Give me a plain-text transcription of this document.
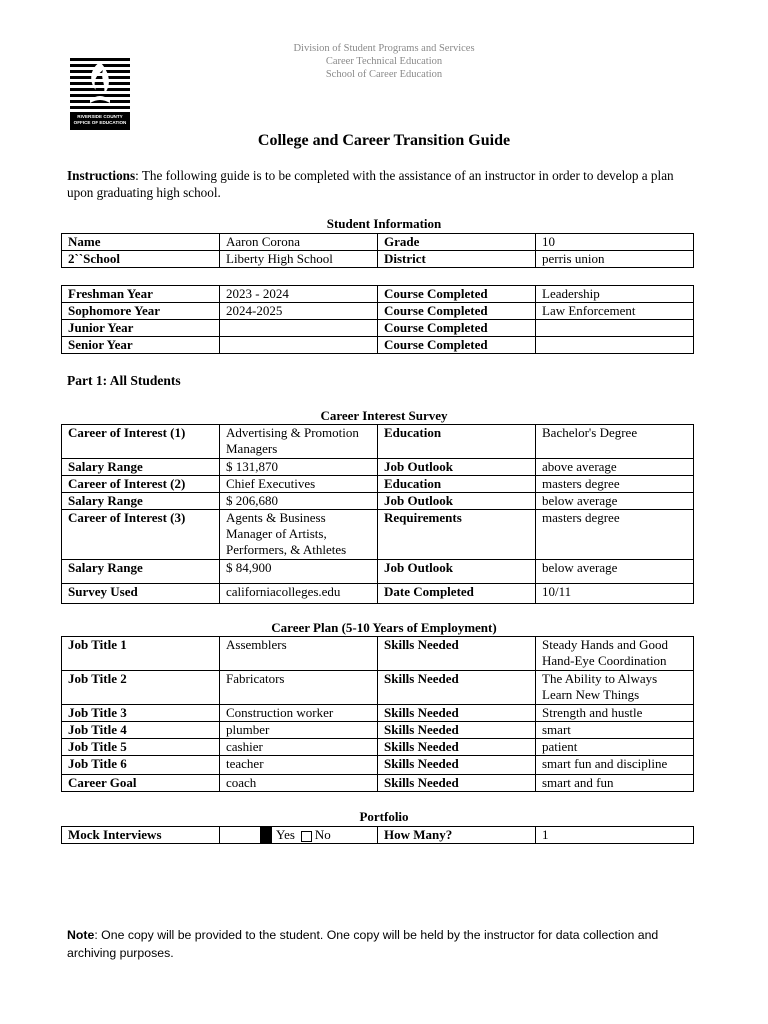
RIVERSIDE COUNTY
OFFICE OF EDUCATION
Division of Student Programs and Services
Career Technical Education
School of Career Education
College and Career Transition Guide
Instructions: The following guide is to be completed with the assistance of an instructor in order to develop a plan upon graduating high school.
Student Information
Name	Aaron Corona	Grade	10
2``School	Liberty High School	District	perris union
Freshman Year	2023 - 2024	Course Completed	Leadership
Sophomore Year	2024-2025	Course Completed	Law Enforcement
Junior Year		Course Completed	
Senior Year		Course Completed	
Part 1: All Students
Career Interest Survey
Career of Interest (1)	Advertising & Promotion Managers	Education	Bachelor's Degree
Salary Range	$ 131,870	Job Outlook	above average
Career of Interest (2)	Chief Executives	Education	masters degree
Salary Range	$ 206,680	Job Outlook	below average
Career of Interest (3)	Agents & Business Manager of Artists, Performers, & Athletes	Requirements	masters degree
Salary Range	$ 84,900	Job Outlook	below average
Survey Used	californiacolleges.edu	Date Completed	10/11
Career Plan (5-10 Years of Employment)
Job Title 1	Assemblers	Skills Needed	Steady Hands and Good Hand-Eye Coordination
Job Title 2	Fabricators	Skills Needed	The Ability to Always Learn New Things
Job Title 3	Construction worker	Skills Needed	Strength and hustle
Job Title 4	plumber	Skills Needed	smart
Job Title 5	cashier	Skills Needed	patient
Job Title 6	teacher	Skills Needed	smart fun and discipline
Career Goal	coach	Skills Needed	smart and fun
Portfolio
Mock Interviews	Yes No	How Many?	1
Note: One copy will be provided to the student. One copy will be held by the instructor for data collection and archiving purposes.
